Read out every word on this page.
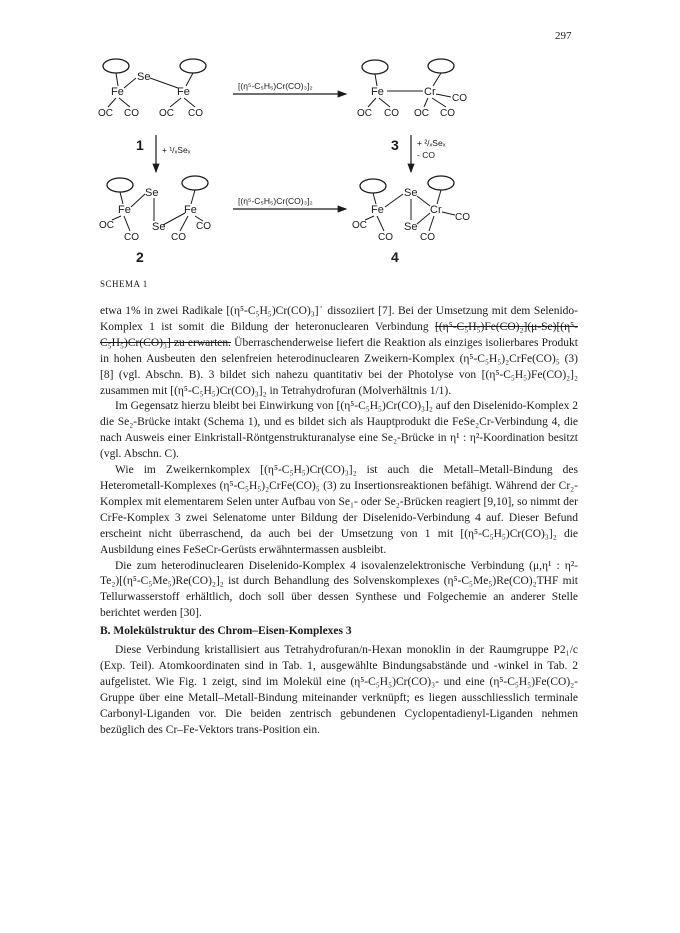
297
Se
Fe	Fe
OC CO OC CO
1
[(η⁵-C₅H₅)Cr(CO)₃]₂	Fe	Cr
CO
OC CO OC CO
3
+ ¹/ₓSeₓ
+ ²/ₓSeₓ
- CO
Se
Fe	Fe
Se
OC
CO	CO
CO
2
[(η⁵-C₅H₅)Cr(CO)₃]₂
Se
Fe	Cr
Se
OC
CO	CO
CO
4
SCHEMA 1

etwa 1% in zwei Radikale [(η⁵-C₅H₅)Cr(CO)₃]˙ dissoziiert [7]. Bei der Umsetzung mit dem Selenido-Komplex 1 ist somit die Bildung der heteronuclearen Verbindung [(η⁵-C₅H₅)Fe(CO)₂](μ-Se)[(η⁵-C₅H₅)Cr(CO)₃] zu erwarten. Überraschenderweise liefert die Reaktion als einziges isolierbares Produkt in hohen Ausbeuten den selenfreien heterodinuclearen Zweikern-Komplex (η⁵-C₅H₅)₂CrFe(CO)₅ (3) [8] (vgl. Abschn. B). 3 bildet sich nahezu quantitativ bei der Photolyse von [(η⁵-C₅H₅)Fe(CO)₂]₂ zusammen mit [(η⁵-C₅H₅)Cr(CO)₃]₂ in Tetrahydrofuran (Molverhältnis 1/1).

Im Gegensatz hierzu bleibt bei Einwirkung von [(η⁵-C₅H₅)Cr(CO)₃]₂ auf den Diselenido-Komplex 2 die Se₂-Brücke intakt (Schema 1), und es bildet sich als Hauptprodukt die FeSe₂Cr-Verbindung 4, die nach Ausweis einer Einkristall-Röntgenstrukturanalyse eine Se₂-Brücke in η¹ : η²-Koordination besitzt (vgl. Abschn. C).

Wie im Zweikernkomplex [(η⁵-C₅H₅)Cr(CO)₃]₂ ist auch die Metall–Metall-Bindung des Heterometall-Komplexes (η⁵-C₅H₅)₂CrFe(CO)₅ (3) zu Insertionsreaktionen befähigt. Während der Cr₂-Komplex mit elementarem Selen unter Aufbau von Se₁- oder Se₂-Brücken reagiert [9,10], so nimmt der CrFe-Komplex 3 zwei Selenatome unter Bildung der Diselenido-Verbindung 4 auf. Dieser Befund erscheint nicht überraschend, da auch bei der Umsetzung von 1 mit [(η⁵-C₅H₅)Cr(CO)₃]₂ die Ausbildung eines FeSeCr-Gerüsts erwähntermassen ausbleibt.

Die zum heterodinuclearen Diselenido-Komplex 4 isovalenzelektronische Verbindung (μ,η¹ : η²-Te₂)[(η⁵-C₅Me₅)Re(CO)₂]₂ ist durch Behandlung des Solvenskomplexes (η⁵-C₅Me₅)Re(CO)₂THF mit Tellurwasserstoff erhältlich, doch soll über dessen Synthese und Folgechemie an anderer Stelle berichtet werden [30].

B. Molekülstruktur des Chrom–Eisen-Komplexes 3

Diese Verbindung kristallisiert aus Tetrahydrofuran/n-Hexan monoklin in der Raumgruppe P2₁/c (Exp. Teil). Atomkoordinaten sind in Tab. 1, ausgewählte Bindungsabstände und -winkel in Tab. 2 aufgelistet. Wie Fig. 1 zeigt, sind im Molekül eine (η⁵-C₅H₅)Cr(CO)₃- und eine (η⁵-C₅H₅)Fe(CO)₂-Gruppe über eine Metall–Metall-Bindung miteinander verknüpft; es liegen ausschliesslich terminale Carbonyl-Liganden vor. Die beiden zentrisch gebundenen Cyclopentadienyl-Liganden nehmen bezüglich des Cr–Fe-Vektors trans-Position ein.
